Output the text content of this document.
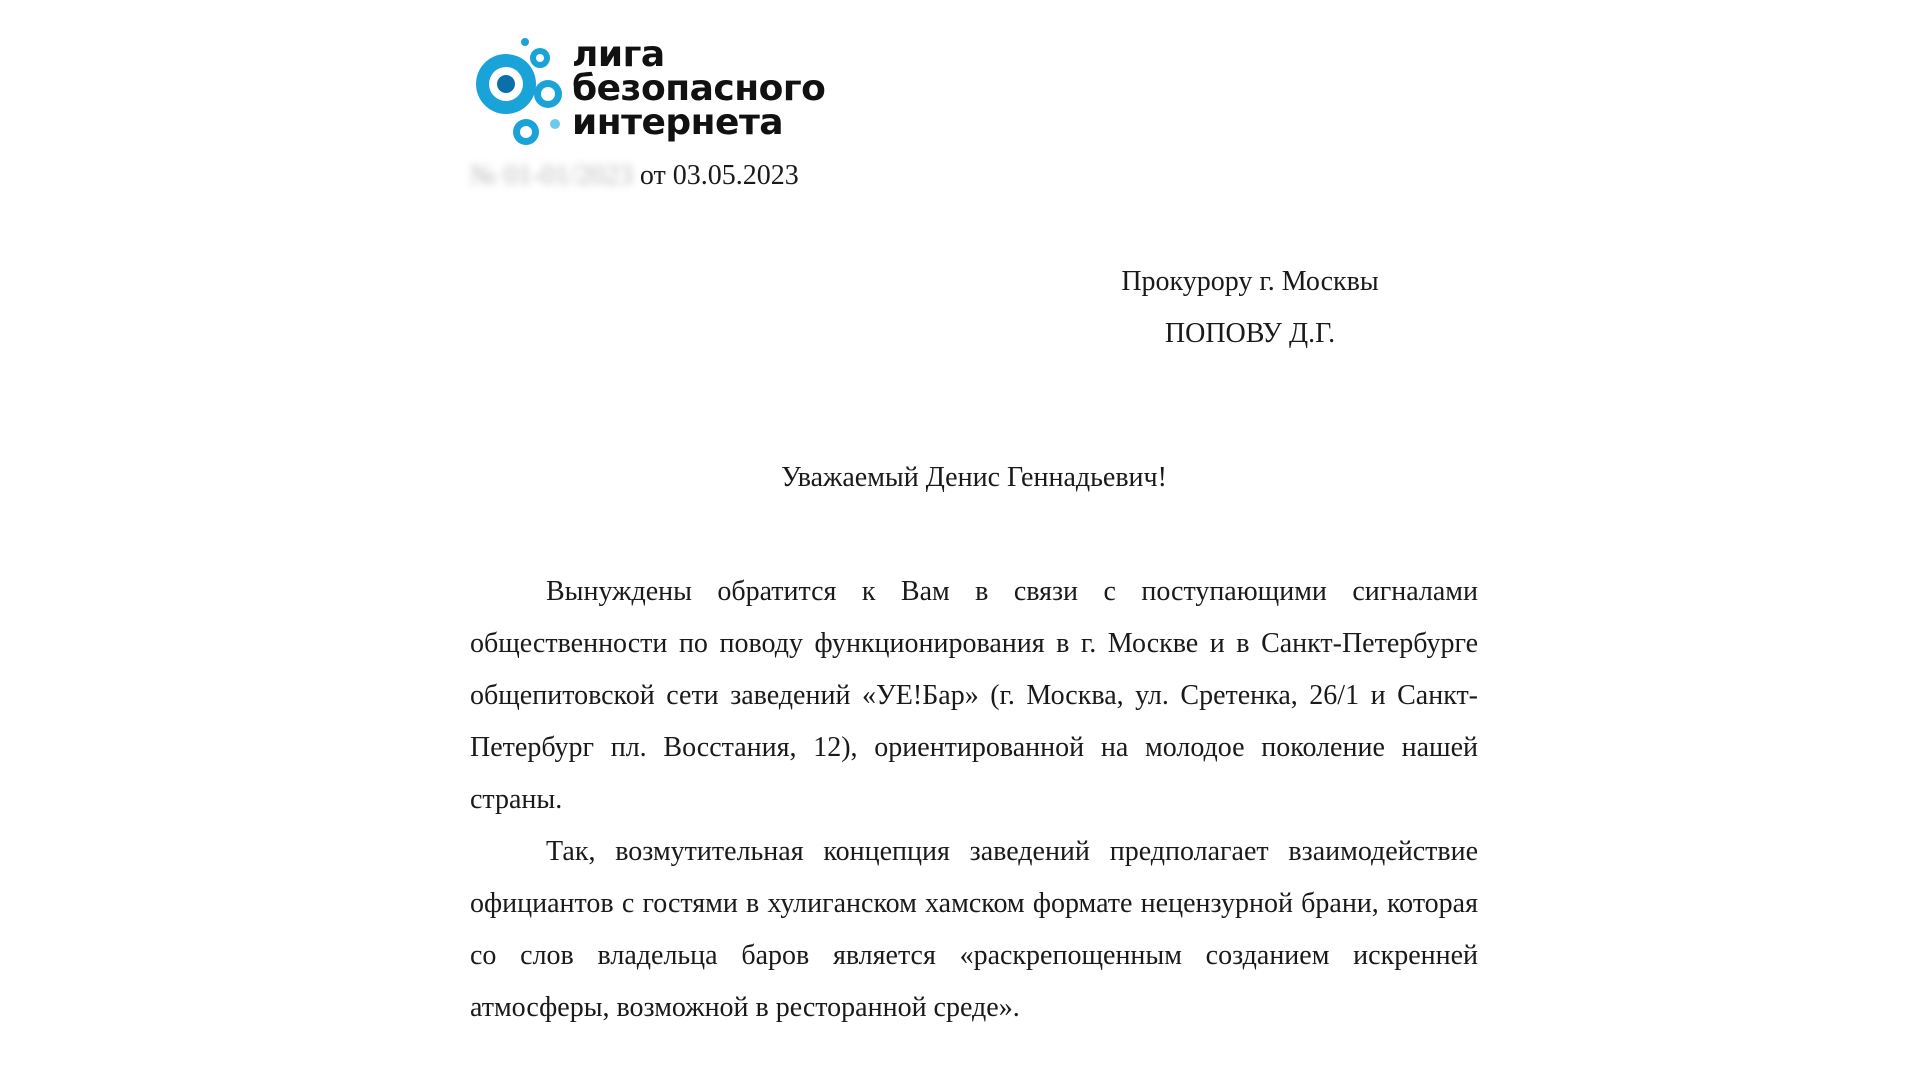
лига
безопасного
интернета
№ 01-01/2023 от 03.05.2023
Прокурору г. Москвы
ПОПОВУ Д.Г.
Уважаемый Денис Геннадьевич!

Вынуждены обратится к Вам в связи с поступающими сигналами общественности по поводу функционирования в г. Москве и в Санкт-Петербурге общепитовской сети заведений «УЕ!Бар» (г. Москва, ул. Сретенка, 26/1 и Санкт-Петербург пл. Восстания, 12), ориентированной на молодое поколение нашей страны.

Так, возмутительная концепция заведений предполагает взаимодействие официантов с гостями в хулиганском хамском формате нецензурной брани, которая со слов владельца баров является «раскрепощенным созданием искренней атмосферы, возможной в ресторанной среде».
